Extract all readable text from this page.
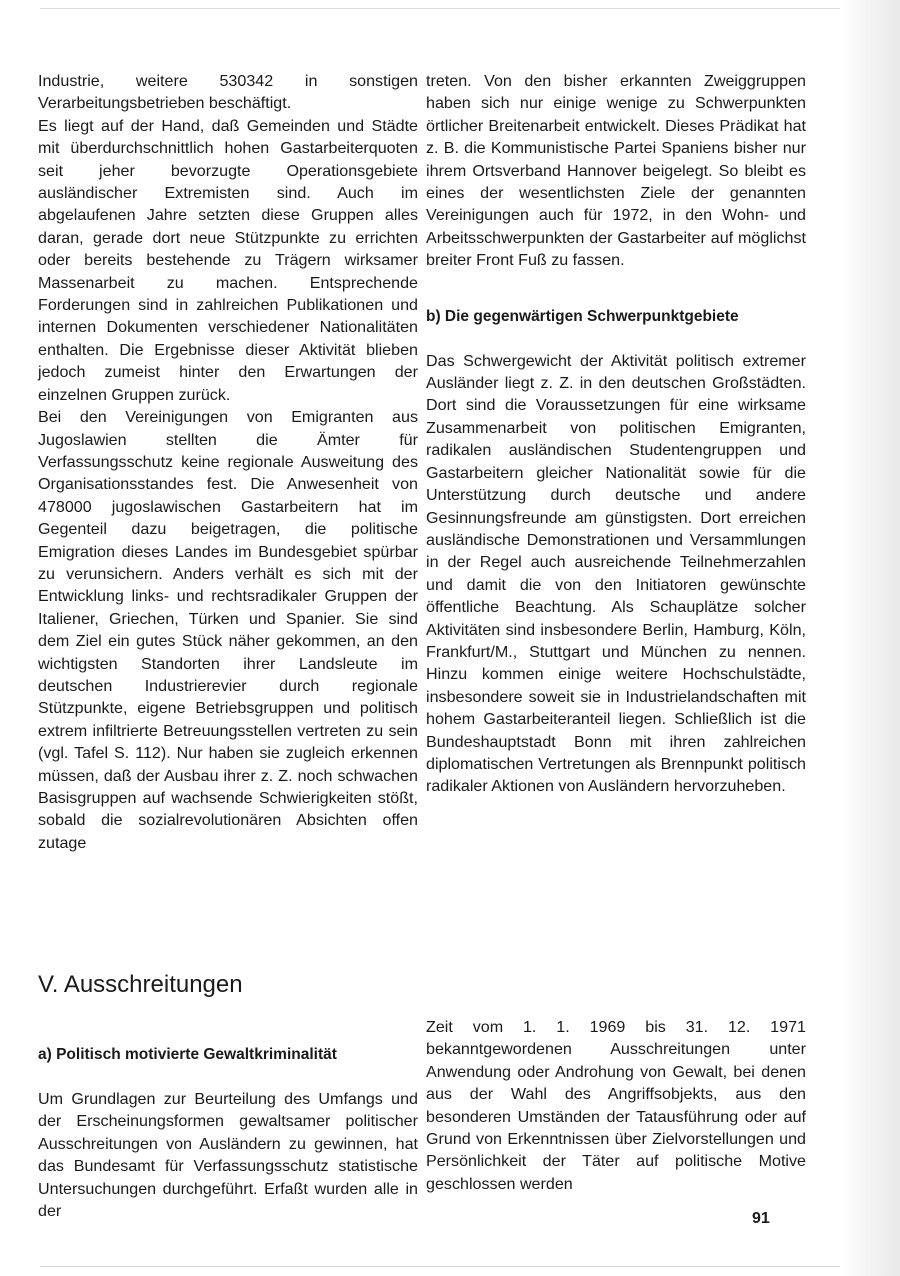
Industrie, weitere 530342 in sonstigen Verarbeitungsbetrieben beschäftigt.

Es liegt auf der Hand, daß Gemeinden und Städte mit überdurchschnittlich hohen Gastarbeiterquoten seit jeher bevorzugte Operationsgebiete ausländischer Extremisten sind. Auch im abgelaufenen Jahre setzten diese Gruppen alles daran, gerade dort neue Stützpunkte zu errichten oder bereits bestehende zu Trägern wirksamer Massenarbeit zu machen. Entsprechende Forderungen sind in zahlreichen Publikationen und internen Dokumenten verschiedener Nationalitäten enthalten. Die Ergebnisse dieser Aktivität blieben jedoch zumeist hinter den Erwartungen der einzelnen Gruppen zurück.

Bei den Vereinigungen von Emigranten aus Jugoslawien stellten die Ämter für Verfassungsschutz keine regionale Ausweitung des Organisationsstandes fest. Die Anwesenheit von 478000 jugoslawischen Gastarbeitern hat im Gegenteil dazu beigetragen, die politische Emigration dieses Landes im Bundesgebiet spürbar zu verunsichern. Anders verhält es sich mit der Entwicklung links- und rechtsradikaler Gruppen der Italiener, Griechen, Türken und Spanier. Sie sind dem Ziel ein gutes Stück näher gekommen, an den wichtigsten Standorten ihrer Landsleute im deutschen Industrierevier durch regionale Stützpunkte, eigene Betriebsgruppen und politisch extrem infiltrierte Betreuungsstellen vertreten zu sein (vgl. Tafel S. 112). Nur haben sie zugleich erkennen müssen, daß der Ausbau ihrer z. Z. noch schwachen Basisgruppen auf wachsende Schwierigkeiten stößt, sobald die sozialrevolutionären Absichten offen zutage

treten. Von den bisher erkannten Zweiggruppen haben sich nur einige wenige zu Schwerpunkten örtlicher Breitenarbeit entwickelt. Dieses Prädikat hat z. B. die Kommunistische Partei Spaniens bisher nur ihrem Ortsverband Hannover beigelegt. So bleibt es eines der wesentlichsten Ziele der genannten Vereinigungen auch für 1972, in den Wohn- und Arbeitsschwerpunkten der Gastarbeiter auf möglichst breiter Front Fuß zu fassen.

b) Die gegenwärtigen Schwerpunktgebiete

Das Schwergewicht der Aktivität politisch extremer Ausländer liegt z. Z. in den deutschen Großstädten. Dort sind die Voraussetzungen für eine wirksame Zusammenarbeit von politischen Emigranten, radikalen ausländischen Studentengruppen und Gastarbeitern gleicher Nationalität sowie für die Unterstützung durch deutsche und andere Gesinnungsfreunde am günstigsten. Dort erreichen ausländische Demonstrationen und Versammlungen in der Regel auch ausreichende Teilnehmerzahlen und damit die von den Initiatoren gewünschte öffentliche Beachtung. Als Schauplätze solcher Aktivitäten sind insbesondere Berlin, Hamburg, Köln, Frankfurt/M., Stuttgart und München zu nennen. Hinzu kommen einige weitere Hochschulstädte, insbesondere soweit sie in Industrielandschaften mit hohem Gastarbeiteranteil liegen. Schließlich ist die Bundeshauptstadt Bonn mit ihren zahlreichen diplomatischen Vertretungen als Brennpunkt politisch radikaler Aktionen von Ausländern hervorzuheben.

V. Ausschreitungen

a) Politisch motivierte Gewaltkriminalität

Um Grundlagen zur Beurteilung des Umfangs und der Erscheinungsformen gewaltsamer politischer Ausschreitungen von Ausländern zu gewinnen, hat das Bundesamt für Verfassungsschutz statistische Untersuchungen durchgeführt. Erfaßt wurden alle in der

Zeit vom 1. 1. 1969 bis 31. 12. 1971 bekanntgewordenen Ausschreitungen unter Anwendung oder Androhung von Gewalt, bei denen aus der Wahl des Angriffsobjekts, aus den besonderen Umständen der Tatausführung oder auf Grund von Erkenntnissen über Zielvorstellungen und Persönlichkeit der Täter auf politische Motive geschlossen werden

91
